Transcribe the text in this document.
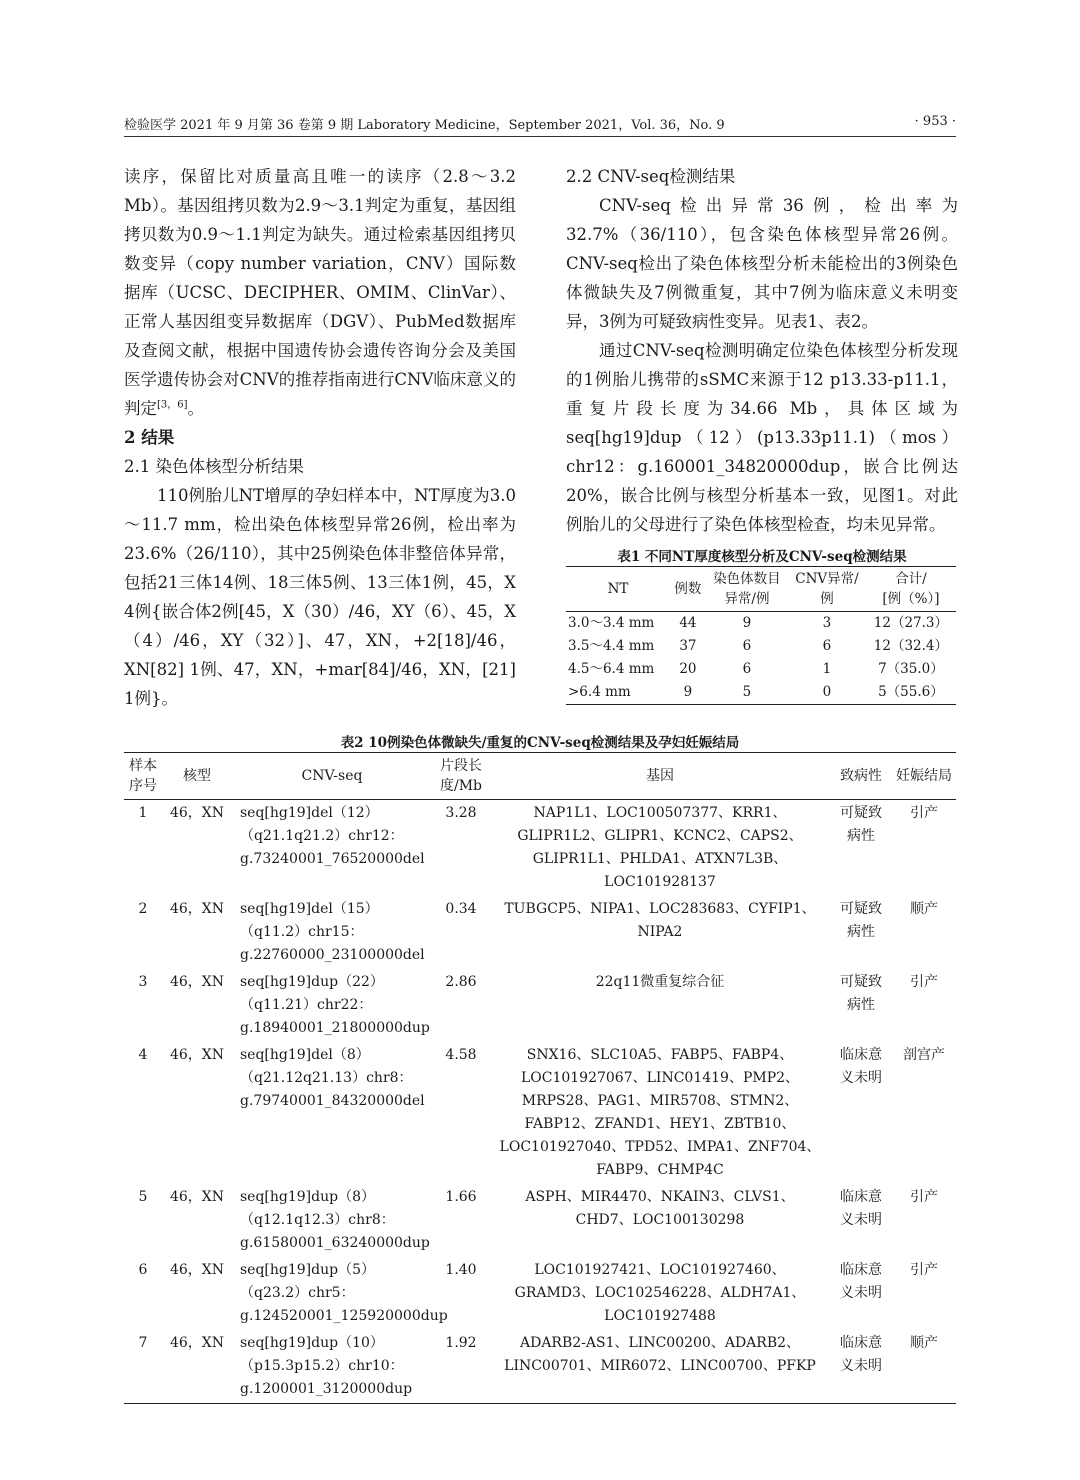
检验医学 2021 年 9 月第 36 卷第 9 期 Laboratory Medicine，September 2021，Vol. 36，No. 9	· 953 ·

读序，保留比对质量高且唯一的读序（2.8～3.2 Mb）。基因组拷贝数为2.9～3.1判定为重复，基因组拷贝数为0.9～1.1判定为缺失。通过检索基因组拷贝数变异（copy number variation，CNV）国际数据库（UCSC、DECIPHER、OMIM、ClinVar）、正常人基因组变异数据库（DGV）、PubMed数据库及查阅文献，根据中国遗传协会遗传咨询分会及美国医学遗传协会对CNV的推荐指南进行CNV临床意义的判定[3，6]。

2 结果

2.1 染色体核型分析结果

110例胎儿NT增厚的孕妇样本中，NT厚度为3.0～11.7 mm，检出染色体核型异常26例，检出率为23.6%（26/110），其中25例染色体非整倍体异常，包括21三体14例、18三体5例、13三体1例，45，X 4例{嵌合体2例[45，X（30）/46，XY（6）、45，X（4）/46，XY（32）]、47，XN，+2[18]/46，XN[82] 1例、47，XN，+mar[84]/46，XN，[21] 1例}。

2.2 CNV-seq检测结果

CNV-seq检出异常36例，检出率为32.7%（36/110），包含染色体核型异常26例。CNV-seq检出了染色体核型分析未能检出的3例染色体微缺失及7例微重复，其中7例为临床意义未明变异，3例为可疑致病性变异。见表1、表2。

通过CNV-seq检测明确定位染色体核型分析发现的1例胎儿携带的sSMC来源于12 p13.33-p11.1，重复片段长度为34.66 Mb，具体区域为seq[hg19]dup（12）(p13.33p11.1)（mos） chr12：g.160001_34820000dup，嵌合比例达20%，嵌合比例与核型分析基本一致，见图1。对此例胎儿的父母进行了染色体核型检查，均未见异常。

表1 不同NT厚度核型分析及CNV-seq检测结果
NT	例数	染色体数目
异常/例	CNV异常/
例	合计/
[例（%）]
3.0～3.4 mm	44	9	3	12（27.3）
3.5～4.4 mm	37	6	6	12（32.4）
4.5～6.4 mm	20	6	1	7（35.0）
>6.4 mm	9	5	0	5（55.6）
表2 10例染色体微缺失/重复的CNV-seq检测结果及孕妇妊娠结局
样本
序号	核型	CNV-seq	片段长
度/Mb	基因	致病性	妊娠结局
1	46，XN	seq[hg19]del（12）
（q21.1q21.2）chr12：
g.73240001_76520000del	3.28	NAP1L1、LOC100507377、KRR1、GLIPR1L2、GLIPR1、KCNC2、CAPS2、GLIPR1L1、PHLDA1、ATXN7L3B、LOC101928137	可疑致
病性	引产
2	46，XN	seq[hg19]del（15）
（q11.2）chr15：
g.22760000_23100000del	0.34	TUBGCP5、NIPA1、LOC283683、CYFIP1、NIPA2	可疑致
病性	顺产
3	46，XN	seq[hg19]dup（22）
（q11.21）chr22：
g.18940001_21800000dup	2.86	22q11微重复综合征	可疑致
病性	引产
4	46，XN	seq[hg19]del（8）
（q21.12q21.13）chr8：
g.79740001_84320000del	4.58	SNX16、SLC10A5、FABP5、FABP4、LOC101927067、LINC01419、PMP2、MRPS28、PAG1、MIR5708、STMN2、FABP12、ZFAND1、HEY1、ZBTB10、LOC101927040、TPD52、IMPA1、ZNF704、FABP9、CHMP4C	临床意
义未明	剖宫产
5	46，XN	seq[hg19]dup（8）
（q12.1q12.3）chr8：
g.61580001_63240000dup	1.66	ASPH、MIR4470、NKAIN3、CLVS1、CHD7、LOC100130298	临床意
义未明	引产
6	46，XN	seq[hg19]dup（5）
（q23.2）chr5：
g.124520001_125920000dup	1.40	LOC101927421、LOC101927460、GRAMD3、LOC102546228、ALDH7A1、LOC101927488	临床意
义未明	引产
7	46，XN	seq[hg19]dup（10）
（p15.3p15.2）chr10：
g.1200001_3120000dup	1.92	ADARB2-AS1、LINC00200、ADARB2、LINC00701、MIR6072、LINC00700、PFKP	临床意
义未明	顺产
